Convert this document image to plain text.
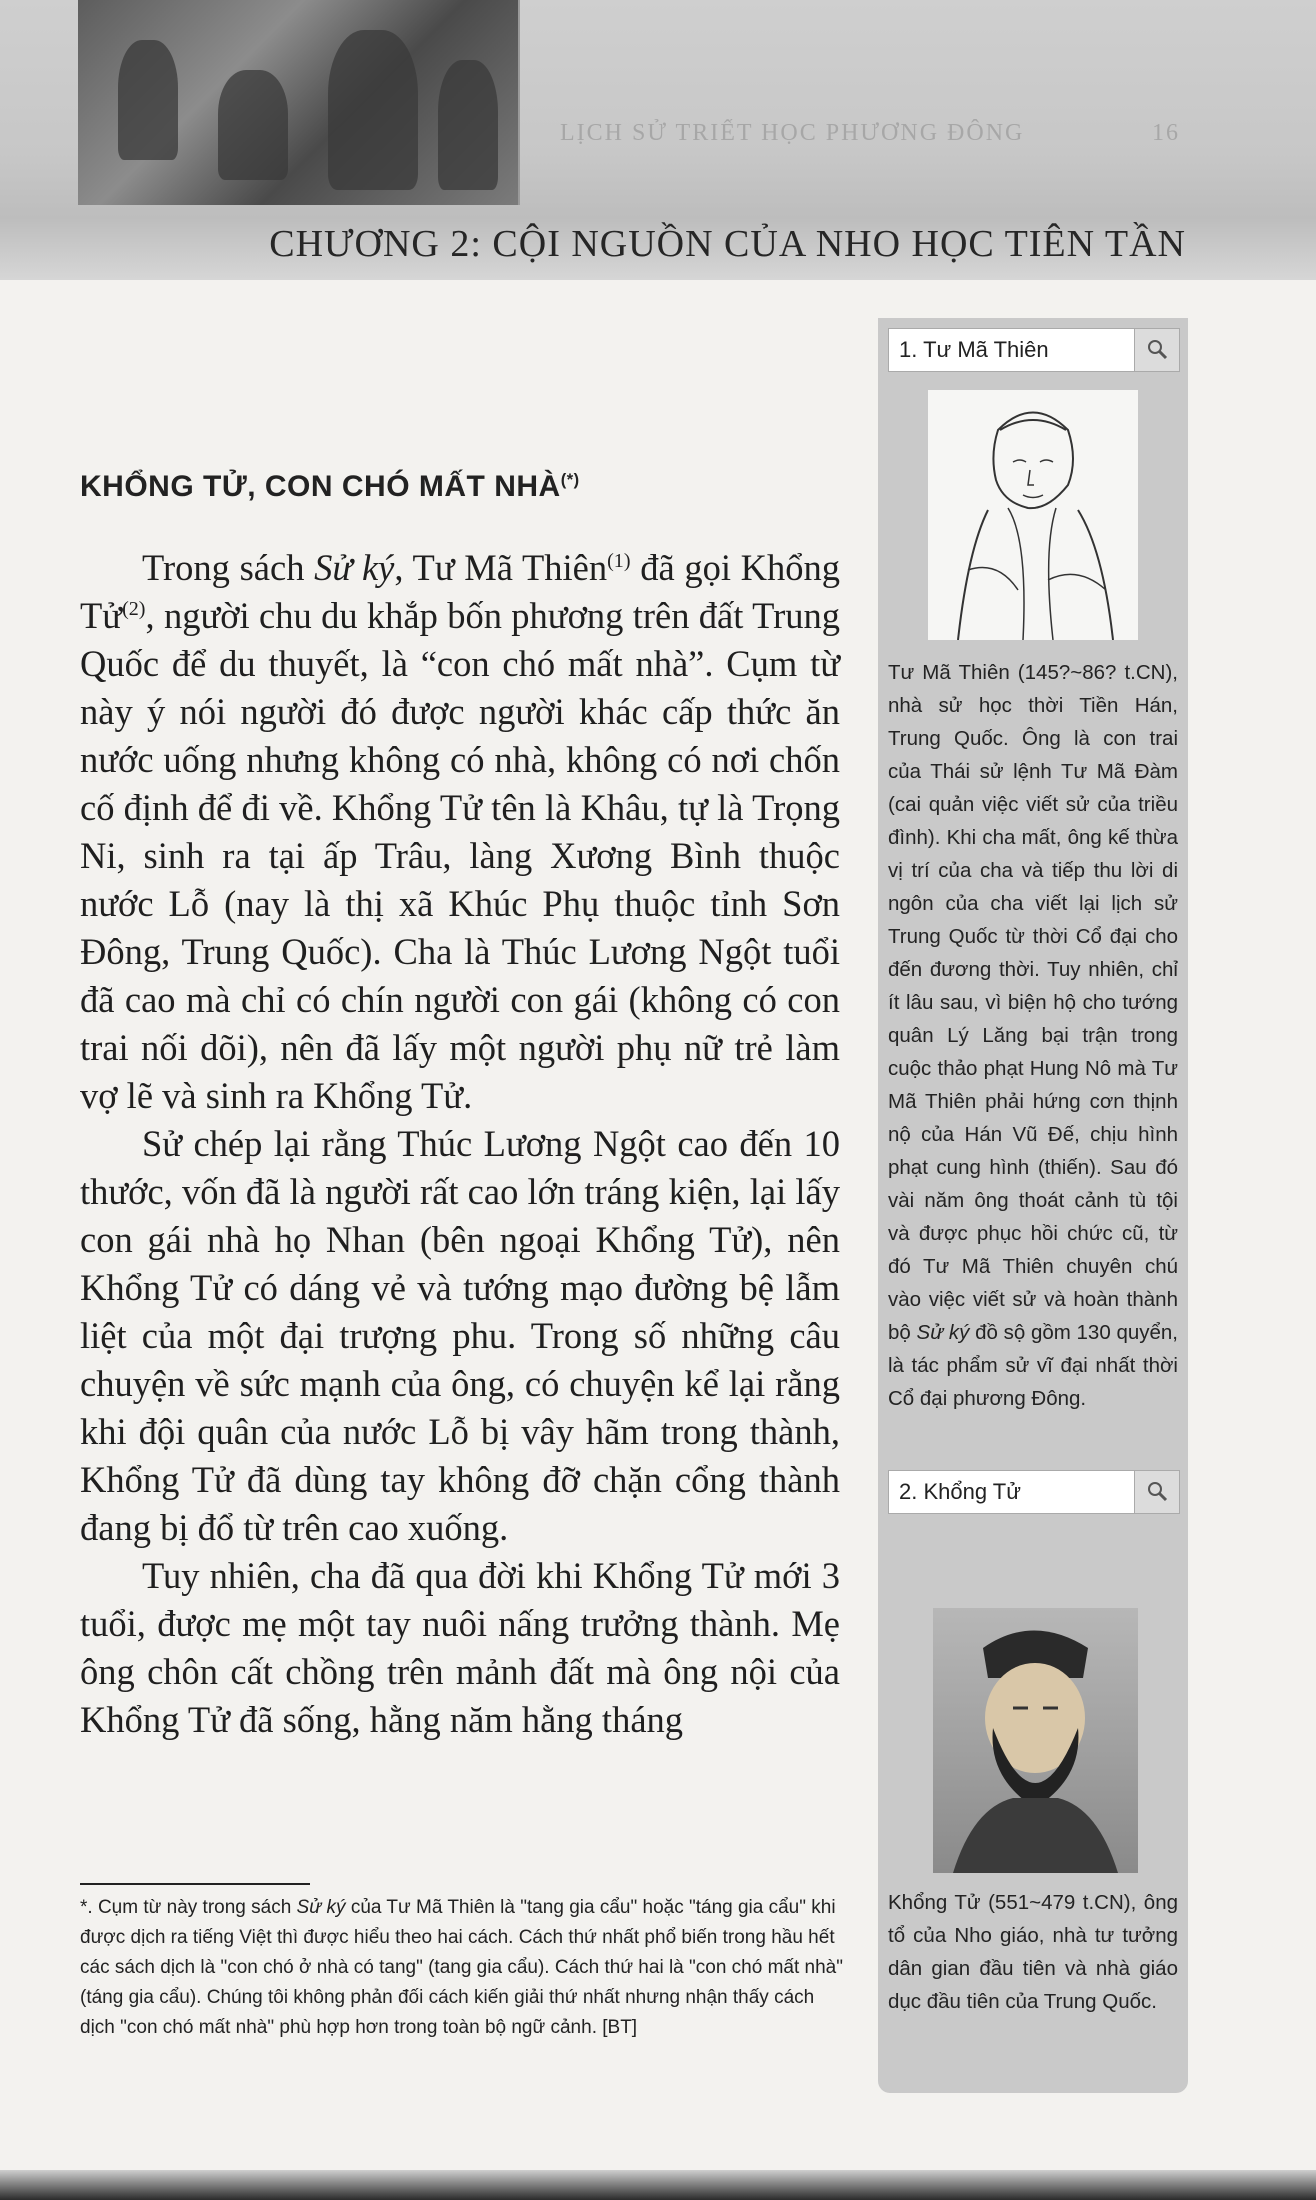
LỊCH SỬ TRIẾT HỌC PHƯƠNG ĐÔNG	16
CHƯƠNG 2: CỘI NGUỒN CỦA NHO HỌC TIÊN TẦN
KHỔNG TỬ, CON CHÓ MẤT NHÀ(*)

Trong sách Sử ký, Tư Mã Thiên$^{(1)}$ đã gọi Khổng Tử$^{(2)}$, người chu du khắp bốn phương trên đất Trung Quốc để du thuyết, là “con chó mất nhà”. Cụm từ này ý nói người đó được người khác cấp thức ăn nước uống nhưng không có nhà, không có nơi chốn cố định để đi về. Khổng Tử tên là Khâu, tự là Trọng Ni, sinh ra tại ấp Trâu, làng Xương Bình thuộc nước Lỗ (nay là thị xã Khúc Phụ thuộc tỉnh Sơn Đông, Trung Quốc). Cha là Thúc Lương Ngột tuổi đã cao mà chỉ có chín người con gái (không có con trai nối dõi), nên đã lấy một người phụ nữ trẻ làm vợ lẽ và sinh ra Khổng Tử.

Sử chép lại rằng Thúc Lương Ngột cao đến 10 thước, vốn đã là người rất cao lớn tráng kiện, lại lấy con gái nhà họ Nhan (bên ngoại Khổng Tử), nên Khổng Tử có dáng vẻ và tướng mạo đường bệ lẫm liệt của một đại trượng phu. Trong số những câu chuyện về sức mạnh của ông, có chuyện kể lại rằng khi đội quân của nước Lỗ bị vây hãm trong thành, Khổng Tử đã dùng tay không đỡ chặn cổng thành đang bị đổ từ trên cao xuống.

Tuy nhiên, cha đã qua đời khi Khổng Tử mới 3 tuổi, được mẹ một tay nuôi nấng trưởng thành. Mẹ ông chôn cất chồng trên mảnh đất mà ông nội của Khổng Tử đã sống, hằng năm hằng tháng

*. Cụm từ này trong sách Sử ký của Tư Mã Thiên là "tang gia cẩu" hoặc "táng gia cẩu" khi được dịch ra tiếng Việt thì được hiểu theo hai cách. Cách thứ nhất phổ biến trong hầu hết các sách dịch là "con chó ở nhà có tang" (tang gia cẩu). Cách thứ hai là "con chó mất nhà" (táng gia cẩu). Chúng tôi không phản đối cách kiến giải thứ nhất nhưng nhận thấy cách dịch "con chó mất nhà" phù hợp hơn trong toàn bộ ngữ cảnh. [BT]
1. Tư Mã Thiên
Tư Mã Thiên (145?~86? t.CN), nhà sử học thời Tiền Hán, Trung Quốc. Ông là con trai của Thái sử lệnh Tư Mã Đàm (cai quản việc viết sử của triều đình). Khi cha mất, ông kế thừa vị trí của cha và tiếp thu lời di ngôn của cha viết lại lịch sử Trung Quốc từ thời Cổ đại cho đến đương thời. Tuy nhiên, chỉ ít lâu sau, vì biện hộ cho tướng quân Lý Lăng bại trận trong cuộc thảo phạt Hung Nô mà Tư Mã Thiên phải hứng cơn thịnh nộ của Hán Vũ Đế, chịu hình phạt cung hình (thiến). Sau đó vài năm ông thoát cảnh tù tội và được phục hồi chức cũ, từ đó Tư Mã Thiên chuyên chú vào việc viết sử và hoàn thành bộ Sử ký đồ sộ gồm 130 quyển, là tác phẩm sử vĩ đại nhất thời Cổ đại phương Đông.
2. Khổng Tử
Khổng Tử (551~479 t.CN), ông tổ của Nho giáo, nhà tư tưởng dân gian đầu tiên và nhà giáo dục đầu tiên của Trung Quốc.
